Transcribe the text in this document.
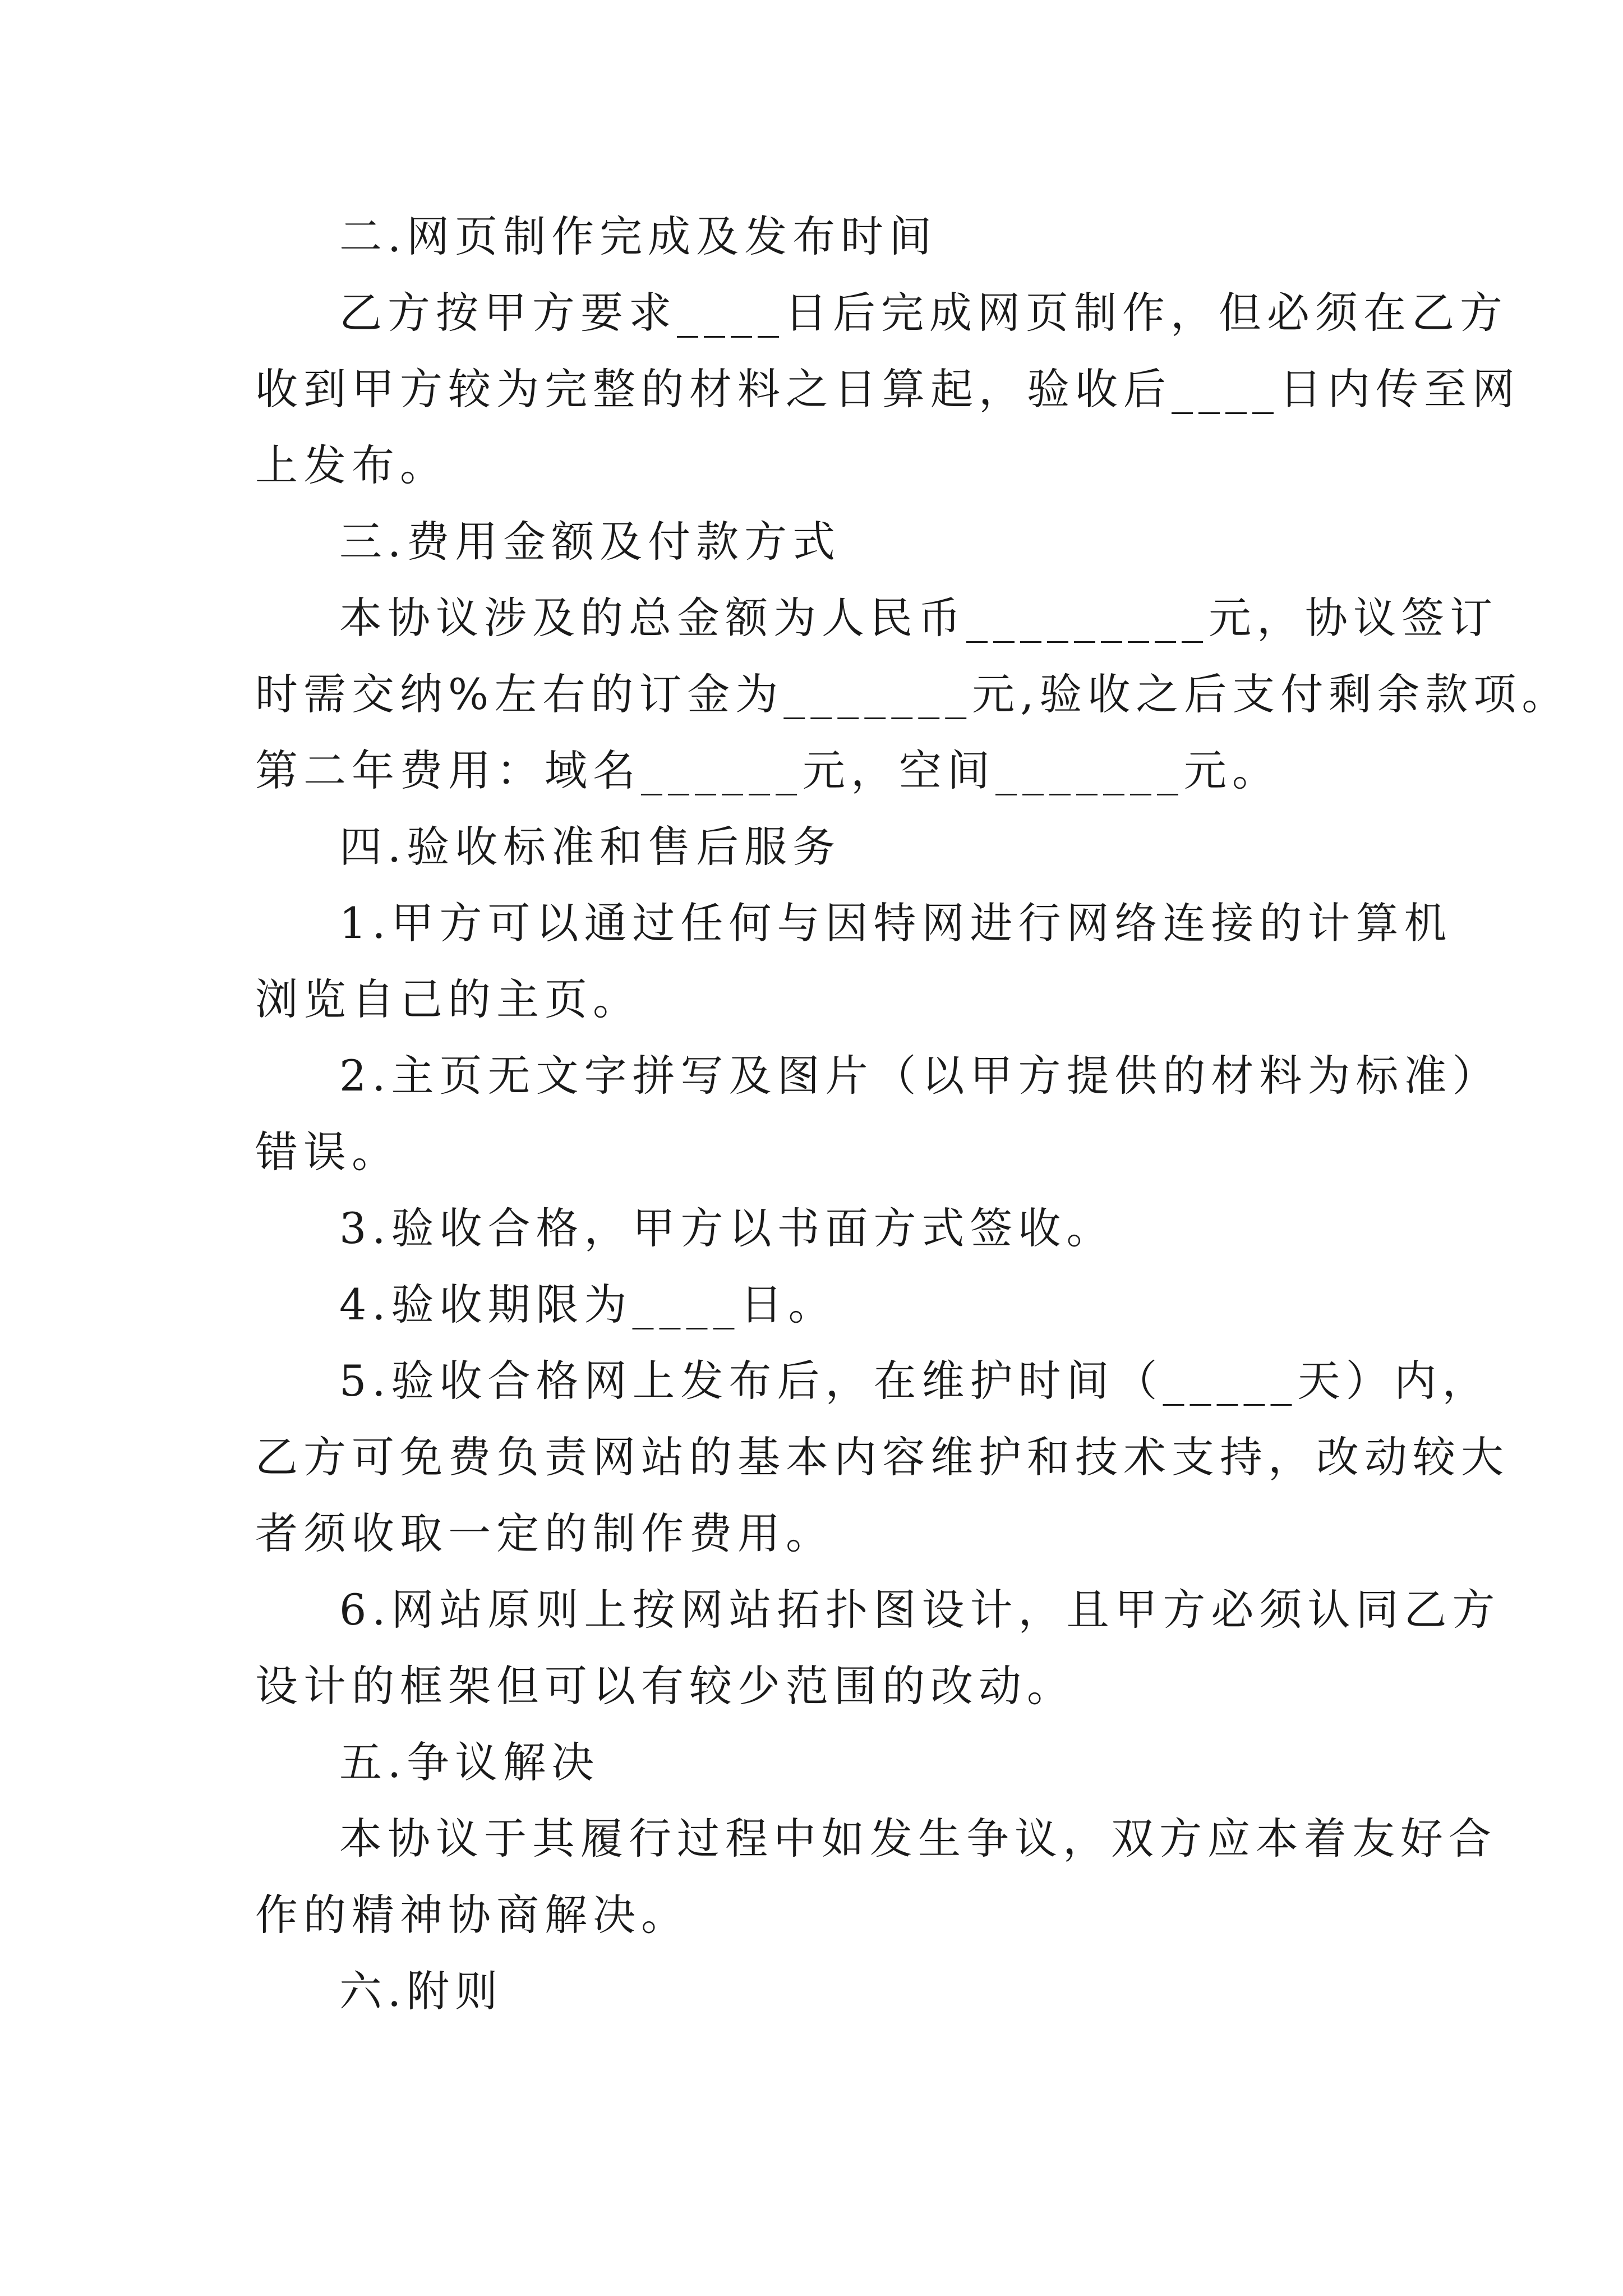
二.网页制作完成及发布时间

乙方按甲方要求____日后完成网页制作，但必须在乙方

收到甲方较为完整的材料之日算起，验收后____日内传至网

上发布。

三.费用金额及付款方式

本协议涉及的总金额为人民币_________元，协议签订

时需交纳%左右的订金为_______元,验收之后支付剩余款项。

第二年费用：域名______元，空间_______元。

四.验收标准和售后服务

1.甲方可以通过任何与因特网进行网络连接的计算机

浏览自己的主页。

2.主页无文字拼写及图片（以甲方提供的材料为标准）

错误。

3.验收合格，甲方以书面方式签收。

4.验收期限为____日。

5.验收合格网上发布后，在维护时间（_____天）内，

乙方可免费负责网站的基本内容维护和技术支持，改动较大

者须收取一定的制作费用。

6.网站原则上按网站拓扑图设计，且甲方必须认同乙方

设计的框架但可以有较少范围的改动。

五.争议解决

本协议于其履行过程中如发生争议，双方应本着友好合

作的精神协商解决。

六.附则
